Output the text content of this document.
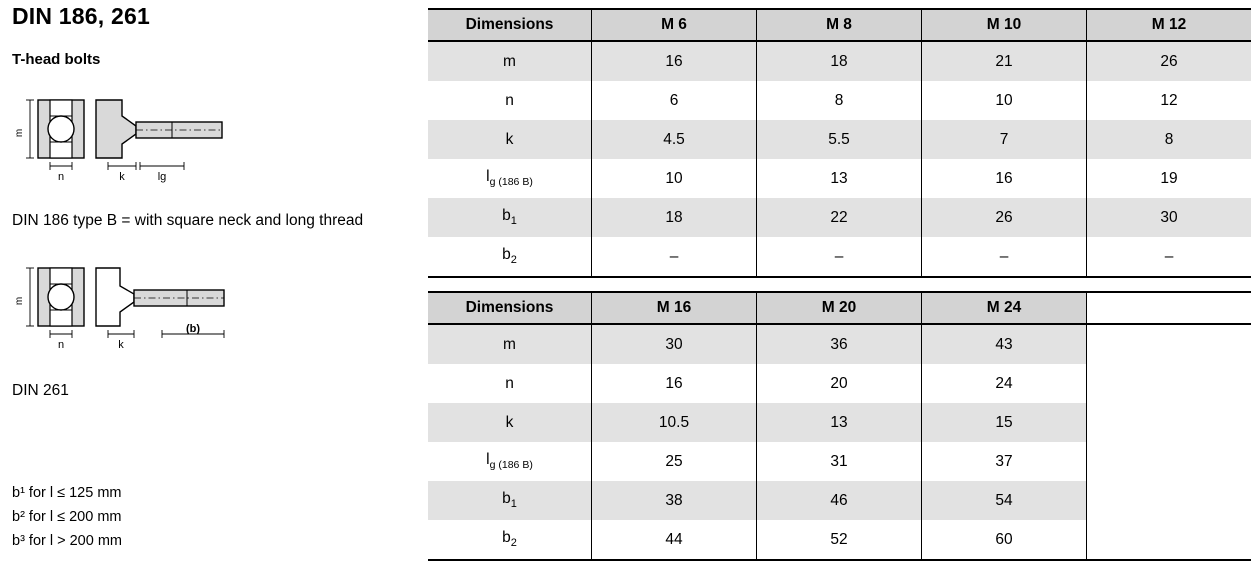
DIN 186, 261
T-head bolts
m
n	k	lg

DIN 186 type B = with square neck and long thread

m
n	k
(b)

DIN 261

b¹ for l ≤ 125 mm
b² for l ≤ 200 mm
b³ for l > 200 mm
Dimensions	M 6	M 8	M 10	M 12
m	16	18	21	26
n	6	8	10	12
k	4.5	5.5	7	8
$l_{g (186 B)}$	10	13	16	19
$b_1$	18	22	26	30
$b_2$	–	–	–	–
Dimensions	M 16	M 20	M 24	
m	30	36	43	
n	16	20	24	
k	10.5	13	15	
$l_{g (186 B)}$	25	31	37	
$b_1$	38	46	54	
$b_2$	44	52	60	
